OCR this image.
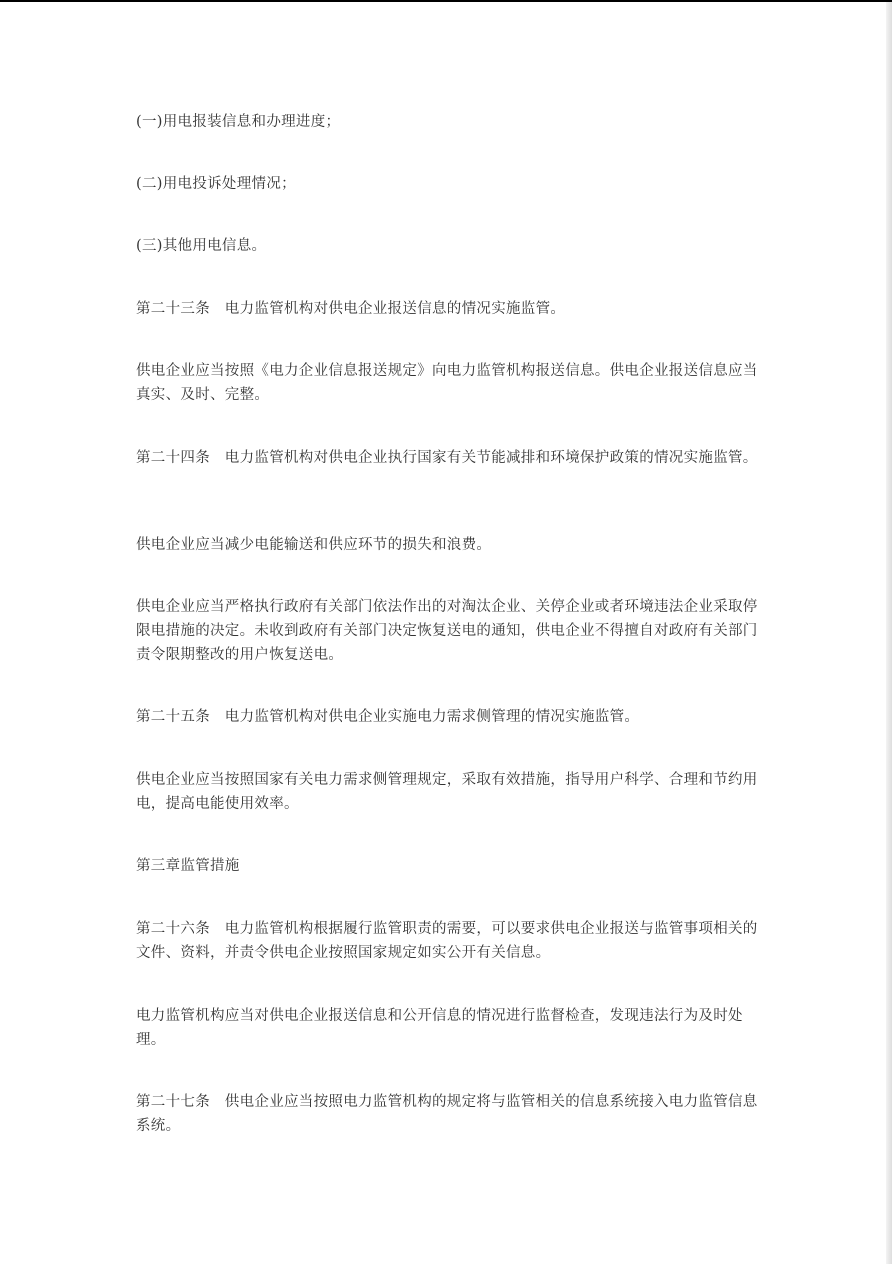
(一)用电报装信息和办理进度；

(二)用电投诉处理情况；

(三)其他用电信息。

第二十三条　电力监管机构对供电企业报送信息的情况实施监管。

供电企业应当按照《电力企业信息报送规定》向电力监管机构报送信息。供电企业报送信息应当真实、及时、完整。

第二十四条　电力监管机构对供电企业执行国家有关节能减排和环境保护政策的情况实施监管。

供电企业应当减少电能输送和供应环节的损失和浪费。

供电企业应当严格执行政府有关部门依法作出的对淘汰企业、关停企业或者环境违法企业采取停限电措施的决定。未收到政府有关部门决定恢复送电的通知，供电企业不得擅自对政府有关部门责令限期整改的用户恢复送电。

第二十五条　电力监管机构对供电企业实施电力需求侧管理的情况实施监管。

供电企业应当按照国家有关电力需求侧管理规定，采取有效措施，指导用户科学、合理和节约用电，提高电能使用效率。

第三章监管措施

第二十六条　电力监管机构根据履行监管职责的需要，可以要求供电企业报送与监管事项相关的文件、资料，并责令供电企业按照国家规定如实公开有关信息。

电力监管机构应当对供电企业报送信息和公开信息的情况进行监督检查，发现违法行为及时处理。

第二十七条　供电企业应当按照电力监管机构的规定将与监管相关的信息系统接入电力监管信息系统。
